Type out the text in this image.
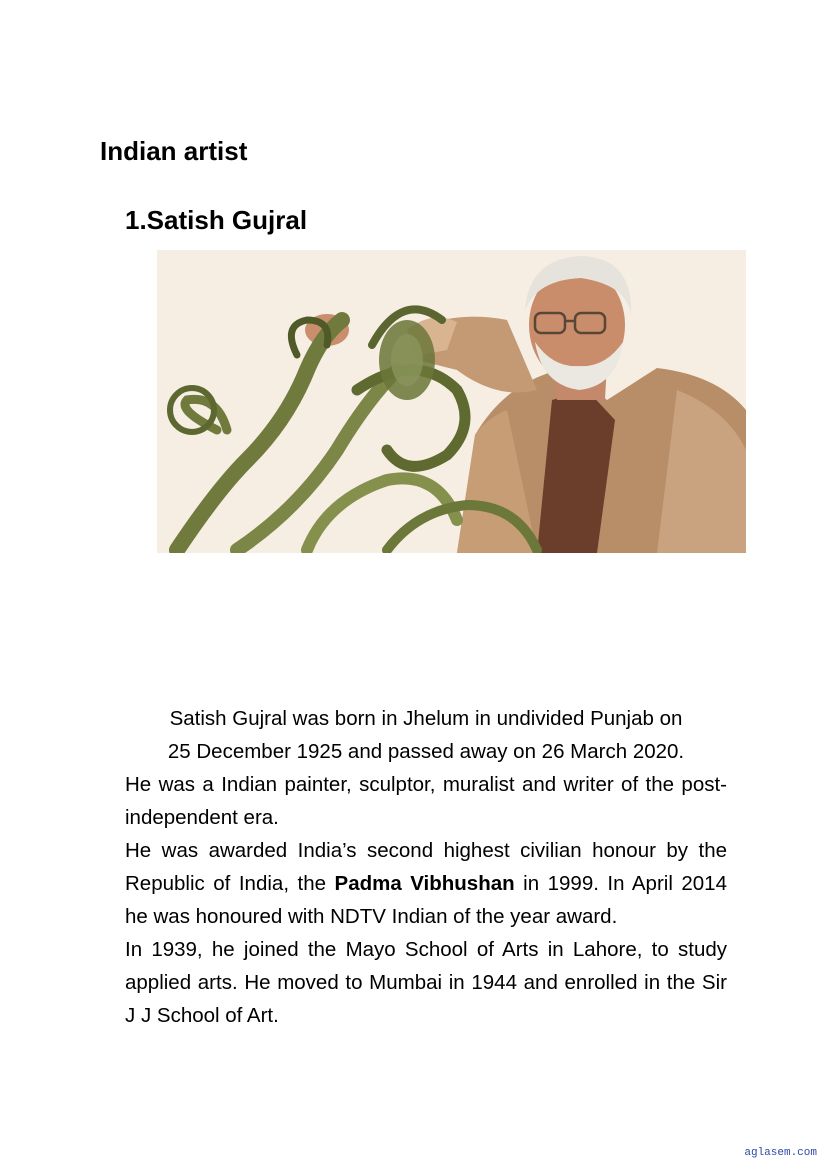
Indian artist
1.Satish Gujral

Satish Gujral was born in Jhelum in undivided Punjab on

25 December 1925 and passed away on 26 March 2020.

He was a Indian painter, sculptor, muralist and writer of the post-independent era.

He was awarded India’s second highest civilian honour by the Republic of India, the Padma Vibhushan in 1999. In April 2014 he was honoured with NDTV Indian of the year award.

In 1939, he joined the Mayo School of Arts in Lahore, to study applied arts. He moved to Mumbai in 1944 and enrolled in the Sir J J School of Art.

aglasem.com
